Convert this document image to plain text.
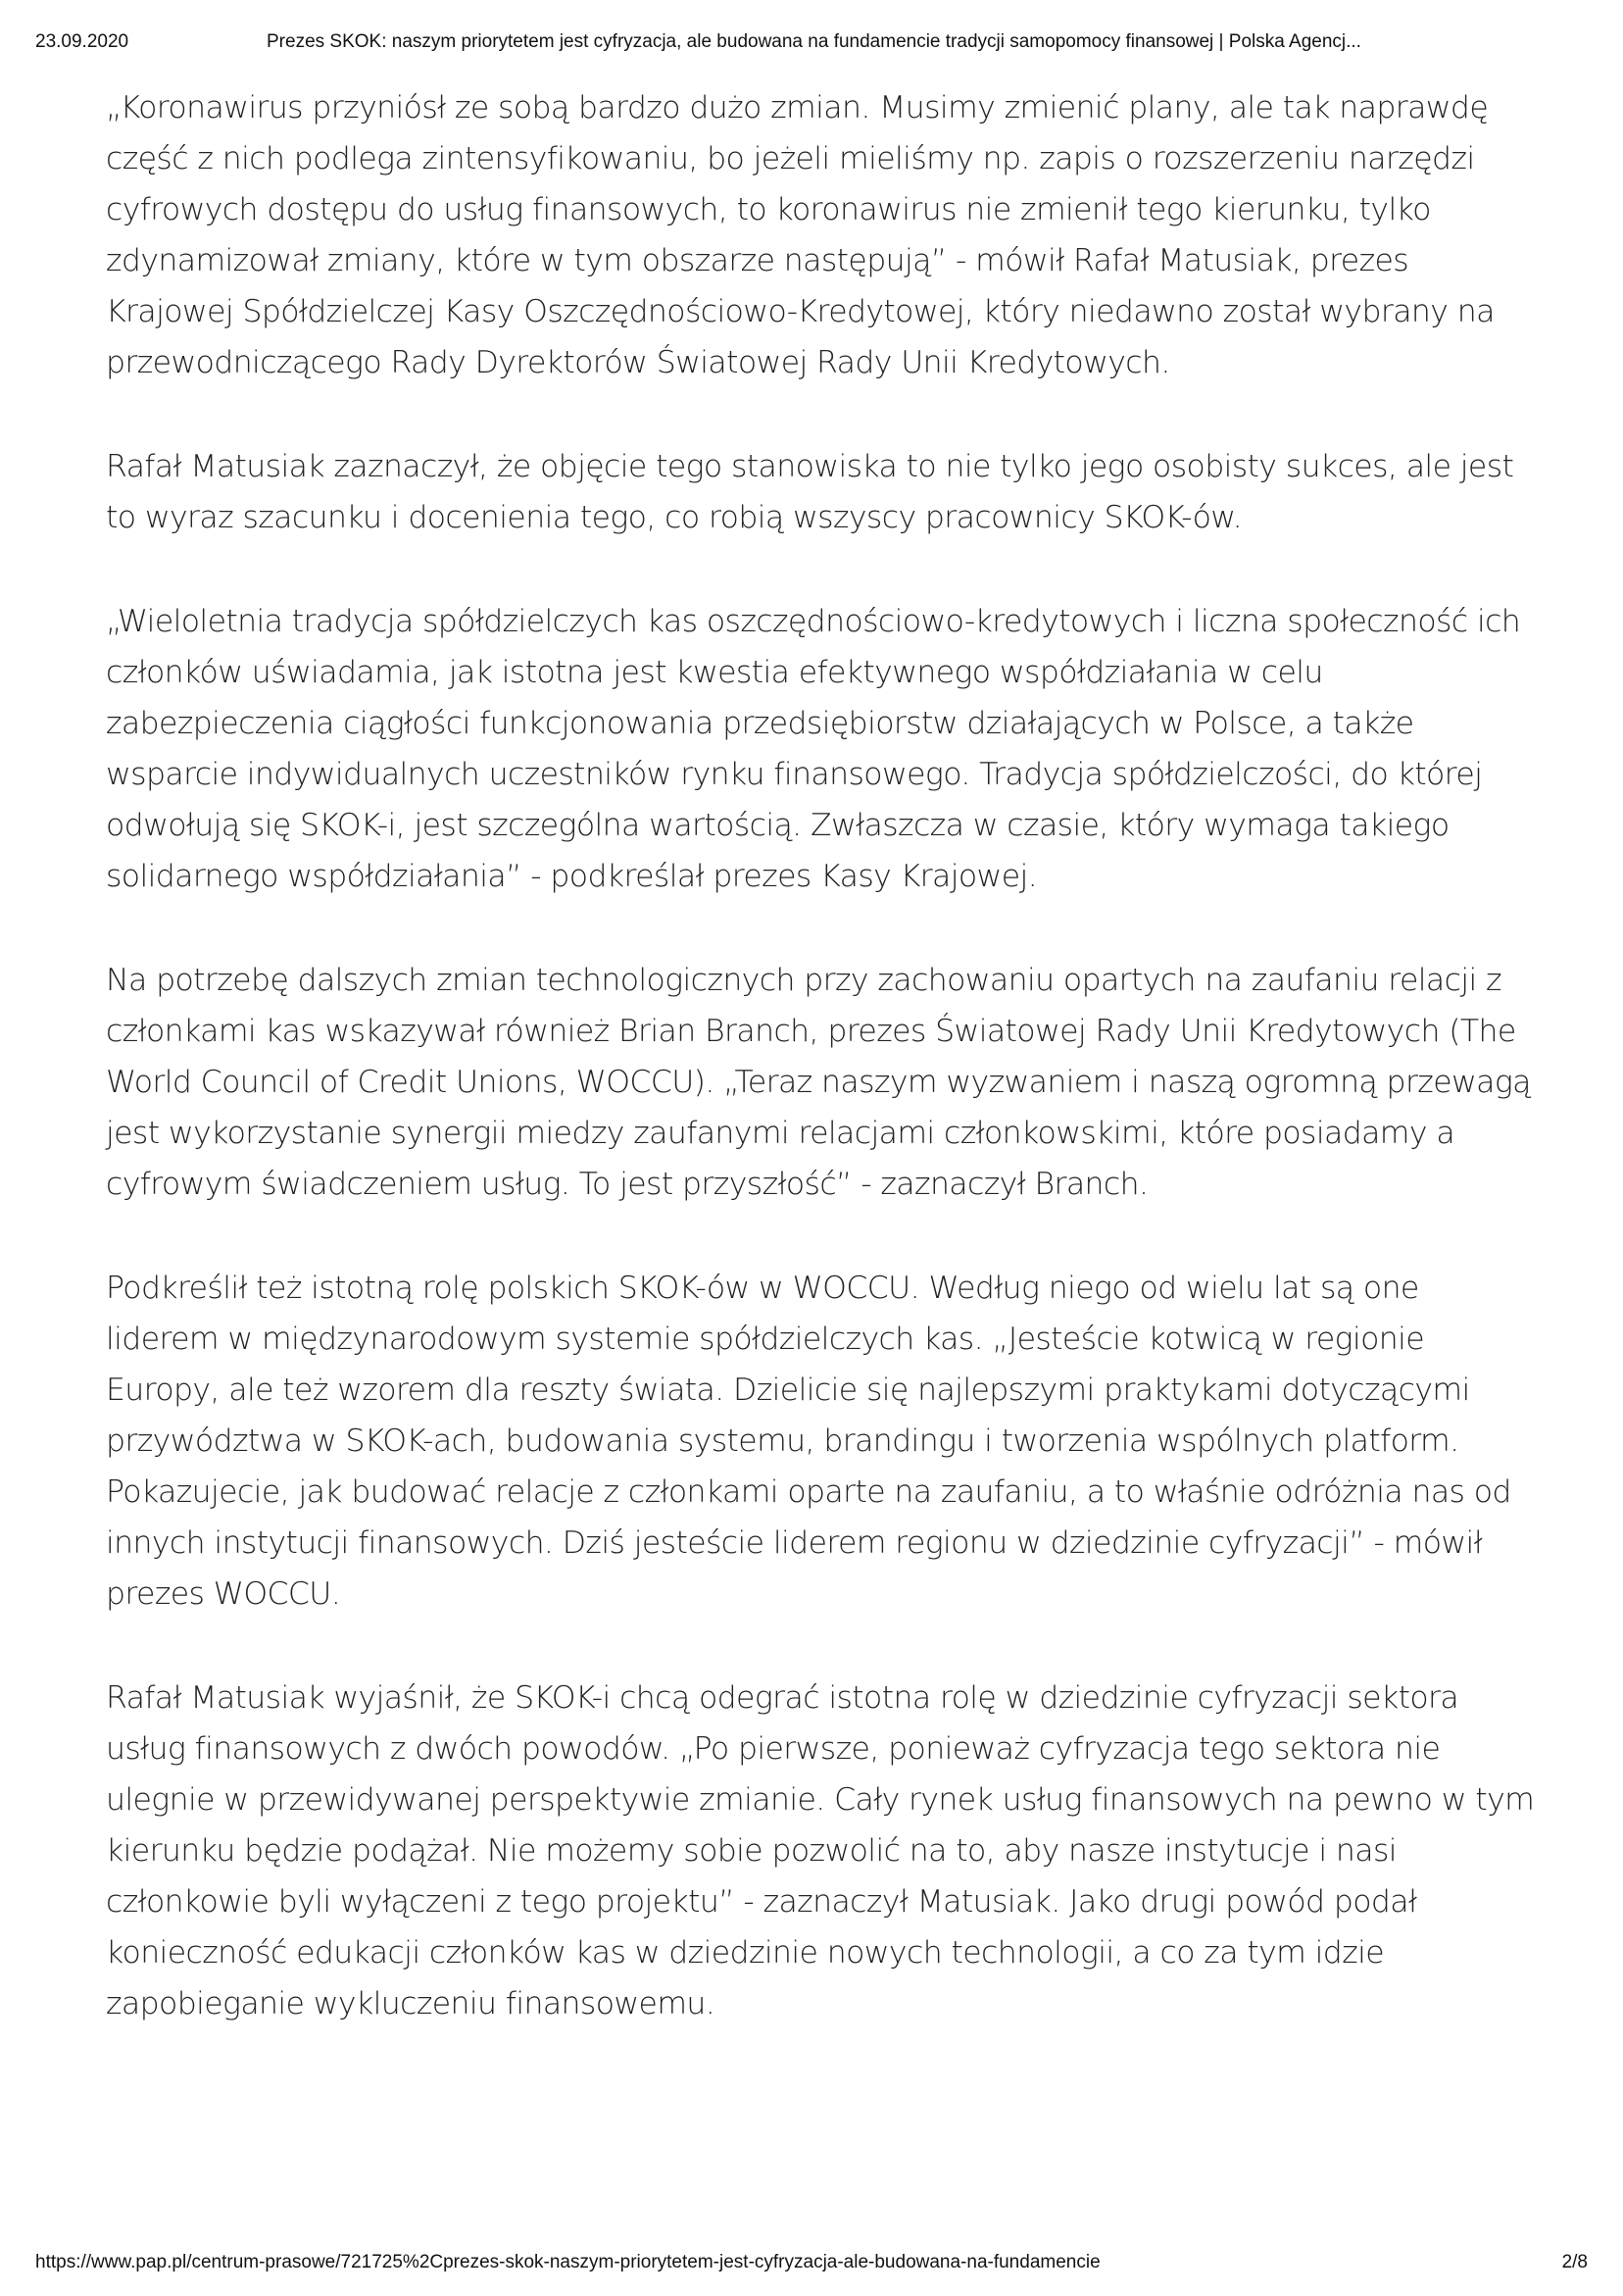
23.09.2020	Prezes SKOK: naszym priorytetem jest cyfryzacja, ale budowana na fundamencie tradycji samopomocy finansowej | Polska Agencj...

„Koronawirus przyniósł ze sobą bardzo dużo zmian. Musimy zmienić plany, ale tak naprawdę część z nich podlega zintensyfikowaniu, bo jeżeli mieliśmy np. zapis o rozszerzeniu narzędzi cyfrowych dostępu do usług finansowych, to koronawirus nie zmienił tego kierunku, tylko zdynamizował zmiany, które w tym obszarze następują” - mówił Rafał Matusiak, prezes Krajowej Spółdzielczej Kasy Oszczędnościowo-Kredytowej, który niedawno został wybrany na przewodniczącego Rady Dyrektorów Światowej Rady Unii Kredytowych.

Rafał Matusiak zaznaczył, że objęcie tego stanowiska to nie tylko jego osobisty sukces, ale jest to wyraz szacunku i docenienia tego, co robią wszyscy pracownicy SKOK-ów.

„Wieloletnia tradycja spółdzielczych kas oszczędnościowo-kredytowych i liczna społeczność ich członków uświadamia, jak istotna jest kwestia efektywnego współdziałania w celu zabezpieczenia ciągłości funkcjonowania przedsiębiorstw działających w Polsce, a także wsparcie indywidualnych uczestników rynku finansowego. Tradycja spółdzielczości, do której odwołują się SKOK-i, jest szczególna wartością. Zwłaszcza w czasie, który wymaga takiego solidarnego współdziałania” - podkreślał prezes Kasy Krajowej.

Na potrzebę dalszych zmian technologicznych przy zachowaniu opartych na zaufaniu relacji z członkami kas wskazywał również Brian Branch, prezes Światowej Rady Unii Kredytowych (The World Council of Credit Unions, WOCCU). „Teraz naszym wyzwaniem i naszą ogromną przewagą jest wykorzystanie synergii miedzy zaufanymi relacjami członkowskimi, które posiadamy a cyfrowym świadczeniem usług. To jest przyszłość” - zaznaczył Branch.

Podkreślił też istotną rolę polskich SKOK-ów w WOCCU. Według niego od wielu lat są one liderem w międzynarodowym systemie spółdzielczych kas. „Jesteście kotwicą w regionie Europy, ale też wzorem dla reszty świata. Dzielicie się najlepszymi praktykami dotyczącymi przywództwa w SKOK-ach, budowania systemu, brandingu i tworzenia wspólnych platform. Pokazujecie, jak budować relacje z członkami oparte na zaufaniu, a to właśnie odróżnia nas od innych instytucji finansowych. Dziś jesteście liderem regionu w dziedzinie cyfryzacji” - mówił prezes WOCCU.

Rafał Matusiak wyjaśnił, że SKOK-i chcą odegrać istotna rolę w dziedzinie cyfryzacji sektora usług finansowych z dwóch powodów. „Po pierwsze, ponieważ cyfryzacja tego sektora nie ulegnie w przewidywanej perspektywie zmianie. Cały rynek usług finansowych na pewno w tym kierunku będzie podążał. Nie możemy sobie pozwolić na to, aby nasze instytucje i nasi członkowie byli wyłączeni z tego projektu” - zaznaczył Matusiak. Jako drugi powód podał konieczność edukacji członków kas w dziedzinie nowych technologii, a co za tym idzie zapobieganie wykluczeniu finansowemu.

https://www.pap.pl/centrum-prasowe/721725%2Cprezes-skok-naszym-priorytetem-jest-cyfryzacja-ale-budowana-na-fundamencie	2/8
